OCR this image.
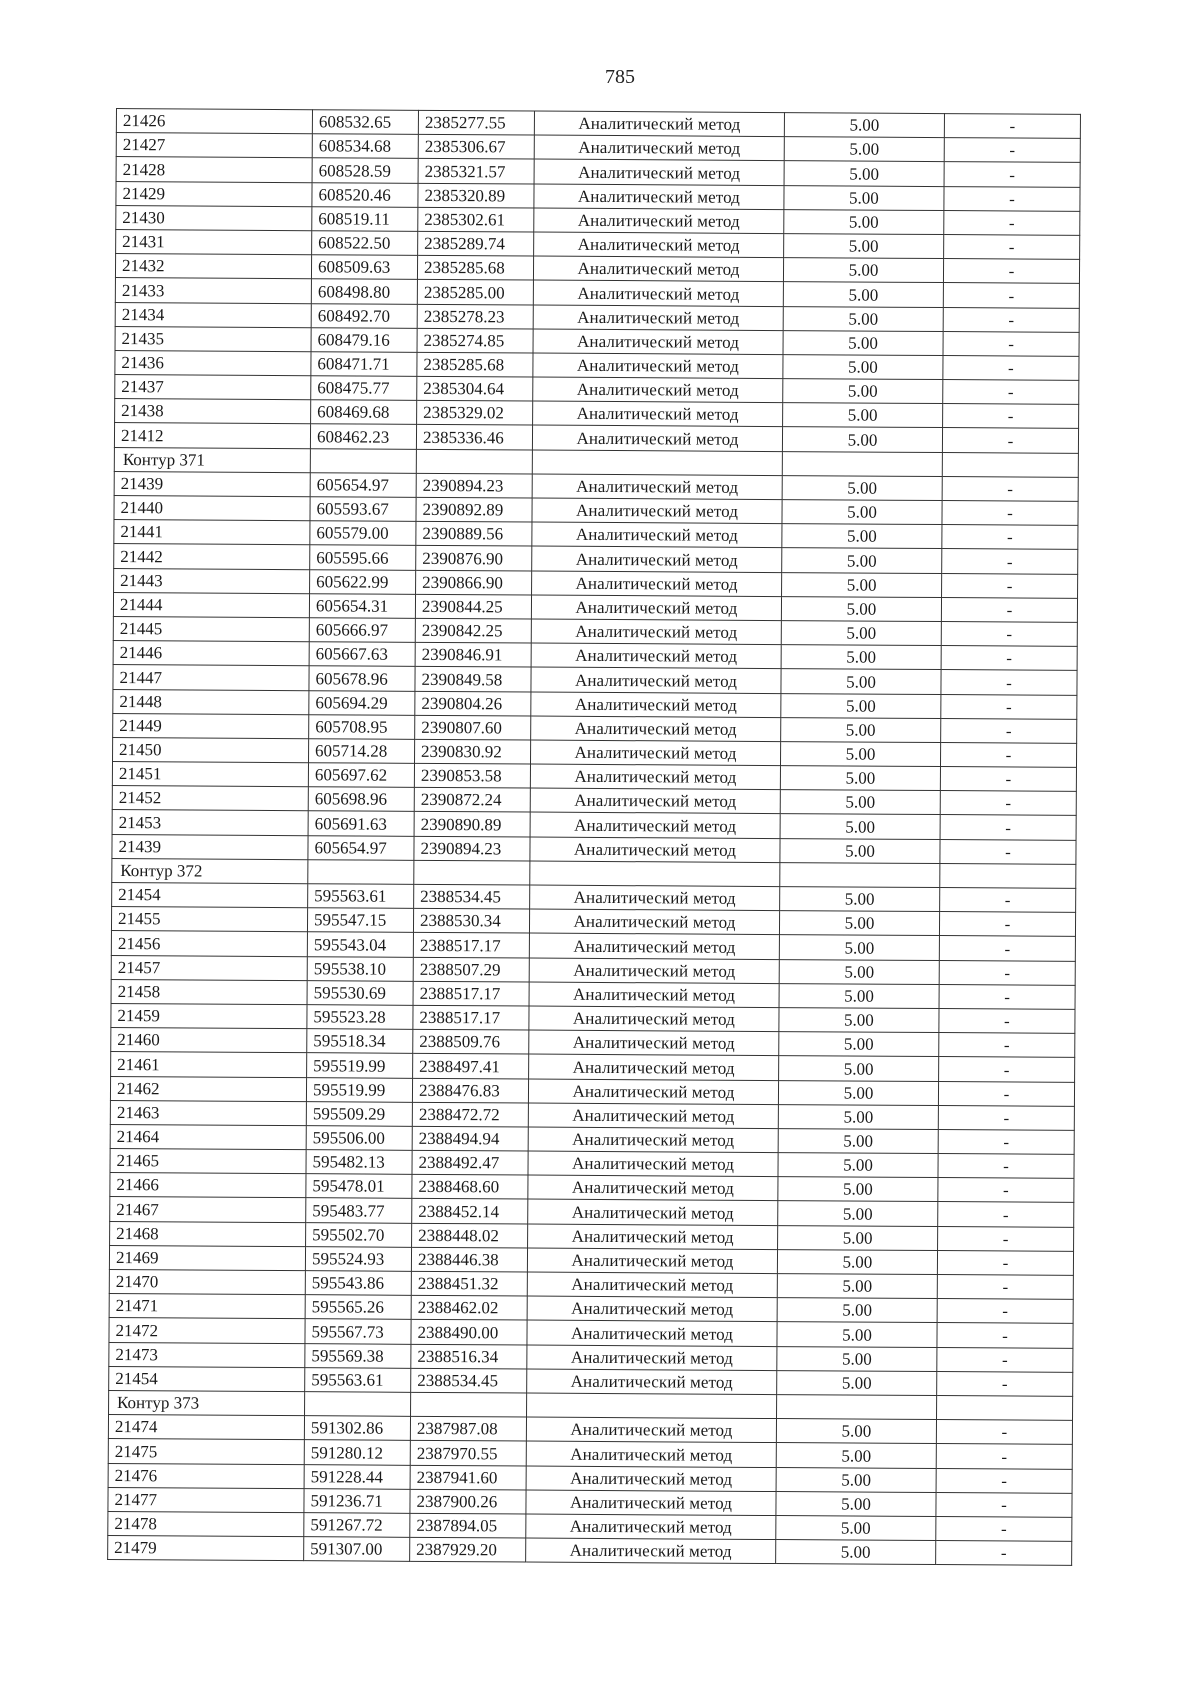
785
21426	608532.65	2385277.55	Аналитический метод	5.00	-
21427	608534.68	2385306.67	Аналитический метод	5.00	-
21428	608528.59	2385321.57	Аналитический метод	5.00	-
21429	608520.46	2385320.89	Аналитический метод	5.00	-
21430	608519.11	2385302.61	Аналитический метод	5.00	-
21431	608522.50	2385289.74	Аналитический метод	5.00	-
21432	608509.63	2385285.68	Аналитический метод	5.00	-
21433	608498.80	2385285.00	Аналитический метод	5.00	-
21434	608492.70	2385278.23	Аналитический метод	5.00	-
21435	608479.16	2385274.85	Аналитический метод	5.00	-
21436	608471.71	2385285.68	Аналитический метод	5.00	-
21437	608475.77	2385304.64	Аналитический метод	5.00	-
21438	608469.68	2385329.02	Аналитический метод	5.00	-
21412	608462.23	2385336.46	Аналитический метод	5.00	-
Контур 371					
21439	605654.97	2390894.23	Аналитический метод	5.00	-
21440	605593.67	2390892.89	Аналитический метод	5.00	-
21441	605579.00	2390889.56	Аналитический метод	5.00	-
21442	605595.66	2390876.90	Аналитический метод	5.00	-
21443	605622.99	2390866.90	Аналитический метод	5.00	-
21444	605654.31	2390844.25	Аналитический метод	5.00	-
21445	605666.97	2390842.25	Аналитический метод	5.00	-
21446	605667.63	2390846.91	Аналитический метод	5.00	-
21447	605678.96	2390849.58	Аналитический метод	5.00	-
21448	605694.29	2390804.26	Аналитический метод	5.00	-
21449	605708.95	2390807.60	Аналитический метод	5.00	-
21450	605714.28	2390830.92	Аналитический метод	5.00	-
21451	605697.62	2390853.58	Аналитический метод	5.00	-
21452	605698.96	2390872.24	Аналитический метод	5.00	-
21453	605691.63	2390890.89	Аналитический метод	5.00	-
21439	605654.97	2390894.23	Аналитический метод	5.00	-
Контур 372					
21454	595563.61	2388534.45	Аналитический метод	5.00	-
21455	595547.15	2388530.34	Аналитический метод	5.00	-
21456	595543.04	2388517.17	Аналитический метод	5.00	-
21457	595538.10	2388507.29	Аналитический метод	5.00	-
21458	595530.69	2388517.17	Аналитический метод	5.00	-
21459	595523.28	2388517.17	Аналитический метод	5.00	-
21460	595518.34	2388509.76	Аналитический метод	5.00	-
21461	595519.99	2388497.41	Аналитический метод	5.00	-
21462	595519.99	2388476.83	Аналитический метод	5.00	-
21463	595509.29	2388472.72	Аналитический метод	5.00	-
21464	595506.00	2388494.94	Аналитический метод	5.00	-
21465	595482.13	2388492.47	Аналитический метод	5.00	-
21466	595478.01	2388468.60	Аналитический метод	5.00	-
21467	595483.77	2388452.14	Аналитический метод	5.00	-
21468	595502.70	2388448.02	Аналитический метод	5.00	-
21469	595524.93	2388446.38	Аналитический метод	5.00	-
21470	595543.86	2388451.32	Аналитический метод	5.00	-
21471	595565.26	2388462.02	Аналитический метод	5.00	-
21472	595567.73	2388490.00	Аналитический метод	5.00	-
21473	595569.38	2388516.34	Аналитический метод	5.00	-
21454	595563.61	2388534.45	Аналитический метод	5.00	-
Контур 373					
21474	591302.86	2387987.08	Аналитический метод	5.00	-
21475	591280.12	2387970.55	Аналитический метод	5.00	-
21476	591228.44	2387941.60	Аналитический метод	5.00	-
21477	591236.71	2387900.26	Аналитический метод	5.00	-
21478	591267.72	2387894.05	Аналитический метод	5.00	-
21479	591307.00	2387929.20	Аналитический метод	5.00	-
